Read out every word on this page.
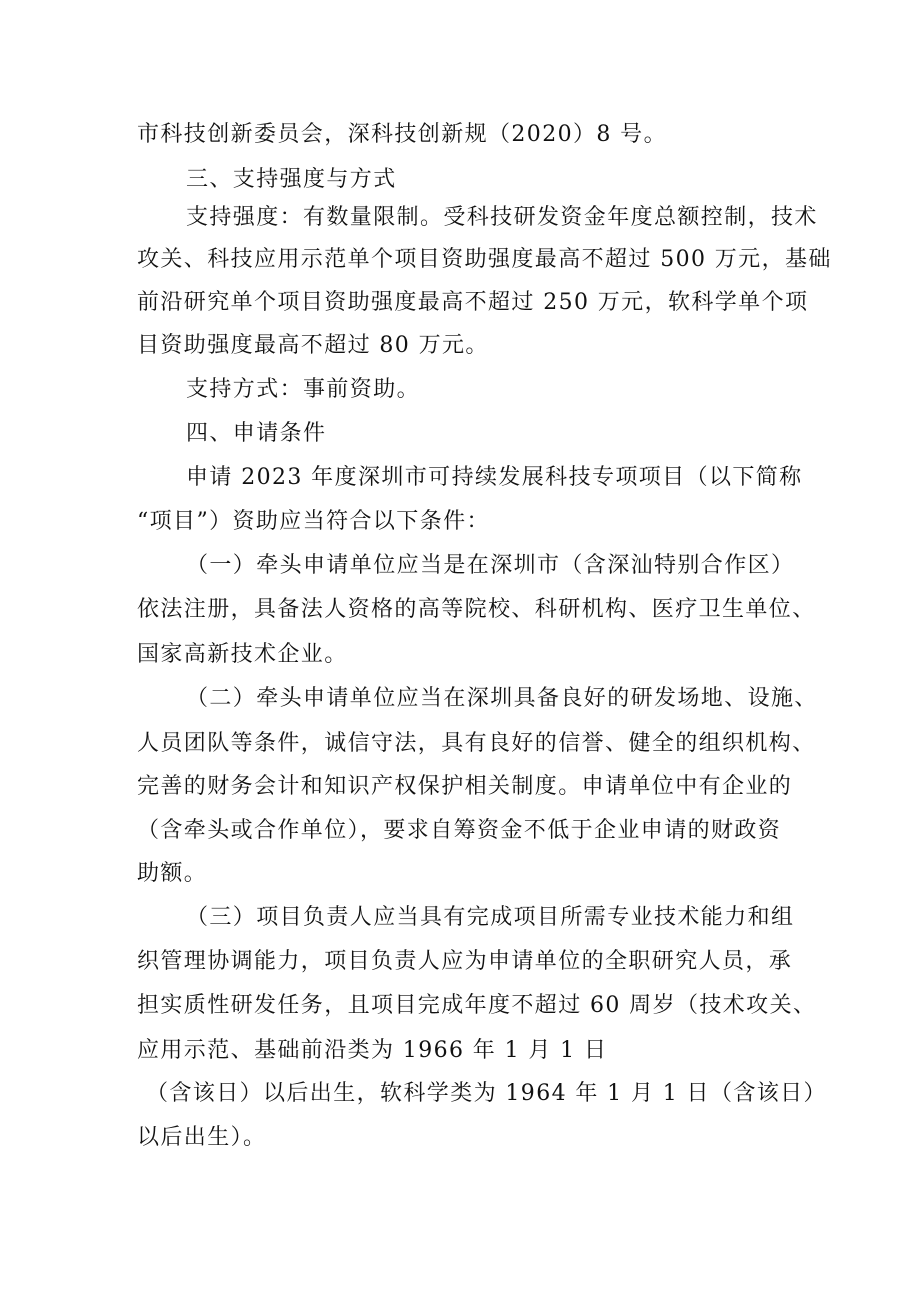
市科技创新委员会，深科技创新规（2020）8 号。
三、支持强度与方式
支持强度：有数量限制。受科技研发资金年度总额控制，技术
攻关、科技应用示范单个项目资助强度最高不超过 500 万元，基础
前沿研究单个项目资助强度最高不超过 250 万元，软科学单个项
目资助强度最高不超过 80 万元。
支持方式：事前资助。
四、申请条件
申请 2023 年度深圳市可持续发展科技专项项目（以下简称
“项目”）资助应当符合以下条件：
（一）牵头申请单位应当是在深圳市（含深汕特别合作区）
依法注册，具备法人资格的高等院校、科研机构、医疗卫生单位、
国家高新技术企业。
（二）牵头申请单位应当在深圳具备良好的研发场地、设施、
人员团队等条件，诚信守法，具有良好的信誉、健全的组织机构、
完善的财务会计和知识产权保护相关制度。申请单位中有企业的
（含牵头或合作单位），要求自筹资金不低于企业申请的财政资
助额。
（三）项目负责人应当具有完成项目所需专业技术能力和组
织管理协调能力，项目负责人应为申请单位的全职研究人员，承
担实质性研发任务，且项目完成年度不超过 60 周岁（技术攻关、
应用示范、基础前沿类为 1966 年 1 月 1 日
（含该日）以后出生，软科学类为 1964 年 1 月 1 日（含该日）
以后出生）。
